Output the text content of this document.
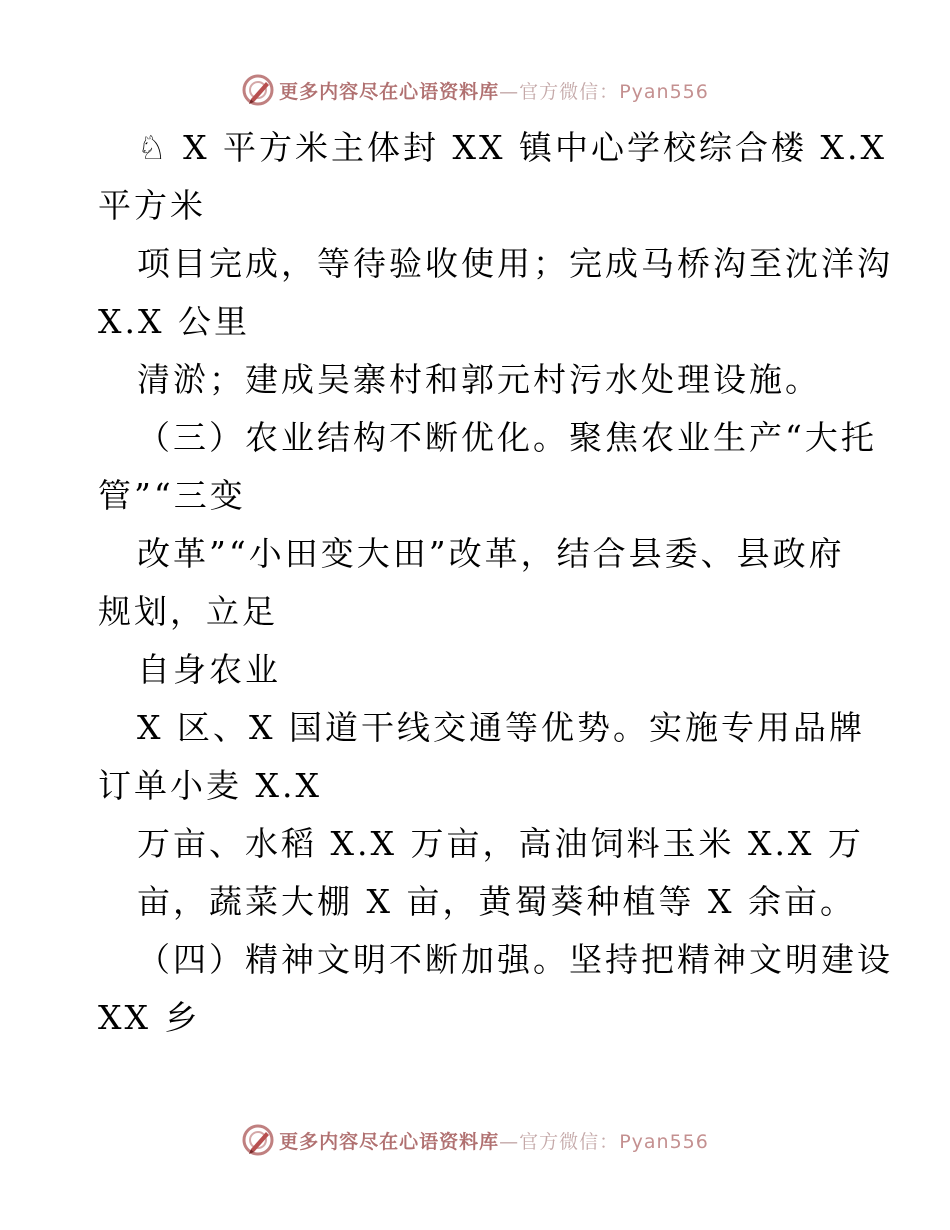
更多内容尽在心语资料库—官方微信：Pyan556
♘ X 平方米主体封 XX 镇中心学校综合楼 X.X
平方米
项目完成，等待验收使用；完成马桥沟至沈洋沟
X.X 公里
清淤；建成吴寨村和郭元村污水处理设施。
（三）农业结构不断优化。聚焦农业生产“大托
管”“三变
改革”“小田变大田”改革，结合县委、县政府
规划，立足
自身农业
X 区、X 国道干线交通等优势。实施专用品牌
订单小麦 X.X
万亩、水稻 X.X 万亩，高油饲料玉米 X.X 万
亩，蔬菜大棚 X 亩，黄蜀葵种植等 X 余亩。
（四）精神文明不断加强。坚持把精神文明建设
XX 乡
更多内容尽在心语资料库—官方微信：Pyan556
